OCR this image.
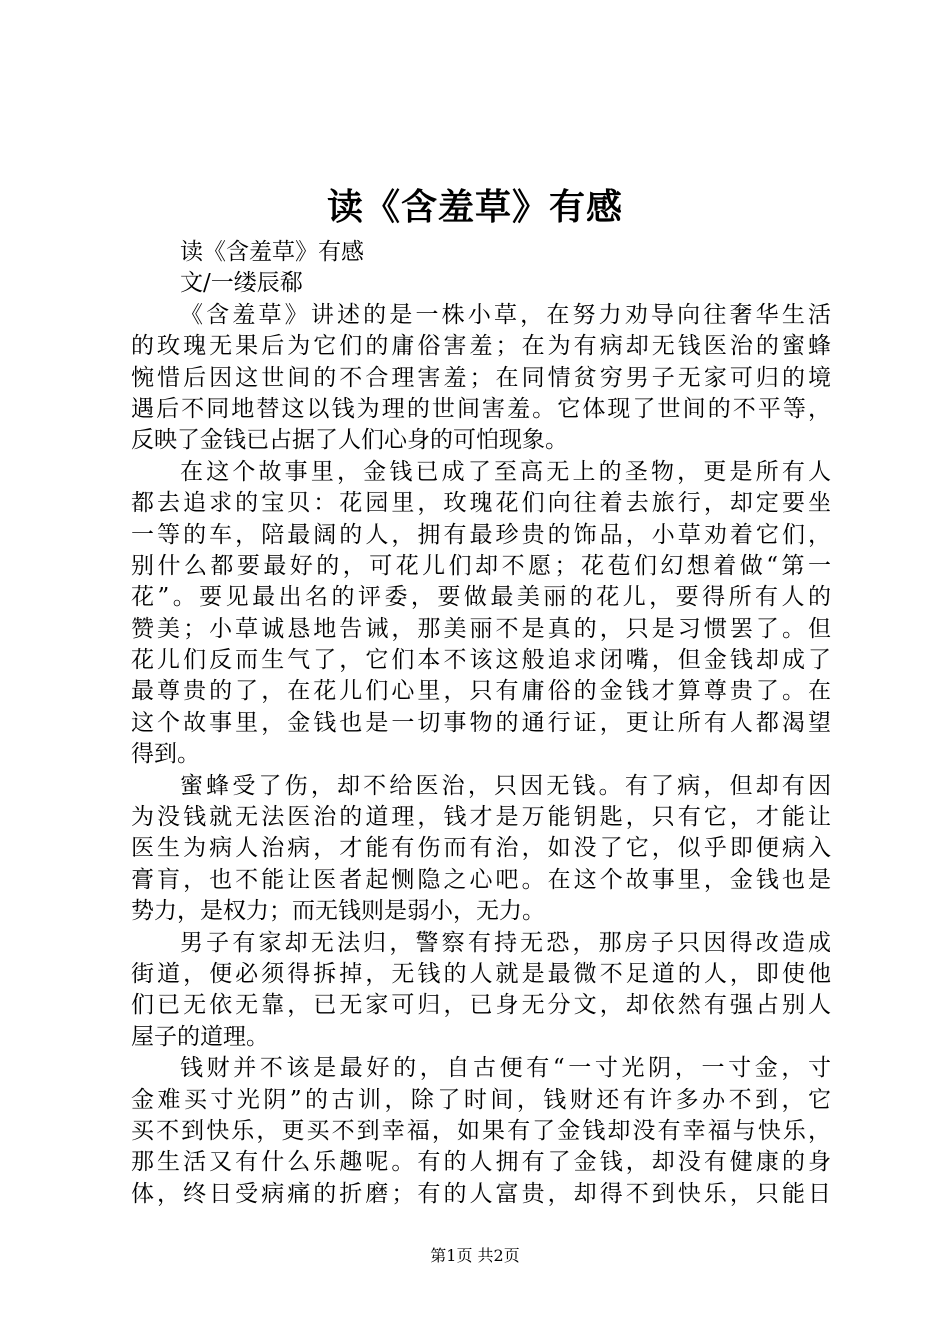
读《含羞草》有感
读《含羞草》有感
文/一缕辰郗
《含羞草》讲述的是一株小草，在努力劝导向往奢华生活
的玫瑰无果后为它们的庸俗害羞；在为有病却无钱医治的蜜蜂
惋惜后因这世间的不合理害羞；在同情贫穷男子无家可归的境
遇后不同地替这以钱为理的世间害羞。它体现了世间的不平等，
反映了金钱已占据了人们心身的可怕现象。
在这个故事里，金钱已成了至高无上的圣物，更是所有人
都去追求的宝贝：花园里，玫瑰花们向往着去旅行，却定要坐
一等的车，陪最阔的人，拥有最珍贵的饰品，小草劝着它们，
别什么都要最好的，可花儿们却不愿；花苞们幻想着做“第一
花”。要见最出名的评委，要做最美丽的花儿，要得所有人的
赞美；小草诚恳地告诫，那美丽不是真的，只是习惯罢了。但
花儿们反而生气了，它们本不该这般追求闭嘴，但金钱却成了
最尊贵的了，在花儿们心里，只有庸俗的金钱才算尊贵了。在
这个故事里，金钱也是一切事物的通行证，更让所有人都渴望
得到。
蜜蜂受了伤，却不给医治，只因无钱。有了病，但却有因
为没钱就无法医治的道理，钱才是万能钥匙，只有它，才能让
医生为病人治病，才能有伤而有治，如没了它，似乎即便病入
膏肓，也不能让医者起恻隐之心吧。在这个故事里，金钱也是
势力，是权力；而无钱则是弱小，无力。
男子有家却无法归，警察有持无恐，那房子只因得改造成
街道，便必须得拆掉，无钱的人就是最微不足道的人，即使他
们已无依无靠，已无家可归，已身无分文，却依然有强占别人
屋子的道理。
钱财并不该是最好的，自古便有“一寸光阴，一寸金，寸
金难买寸光阴”的古训，除了时间，钱财还有许多办不到，它
买不到快乐，更买不到幸福，如果有了金钱却没有幸福与快乐，
那生活又有什么乐趣呢。有的人拥有了金钱，却没有健康的身
体，终日受病痛的折磨；有的人富贵，却得不到快乐，只能日
第1页 共2页
